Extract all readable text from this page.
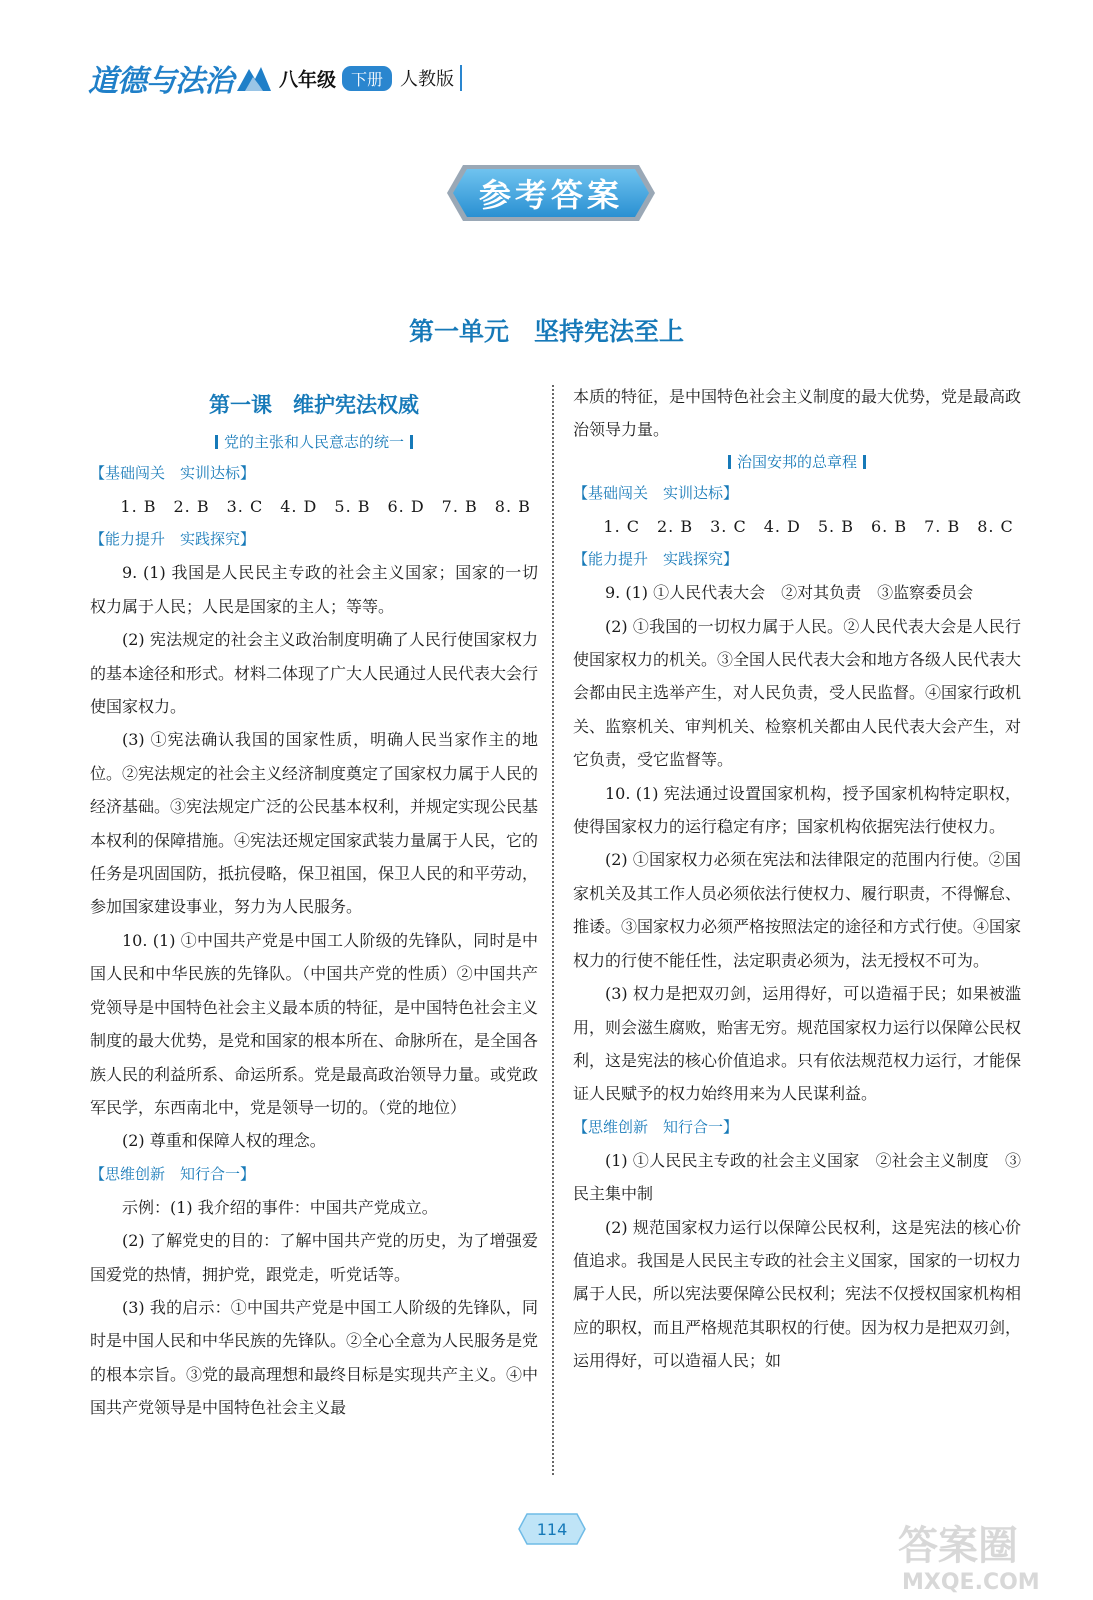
道德与法治 八年级 下册 人教版
参考答案
第一单元　坚持宪法至上
第一课　维护宪法权威
党的主张和人民意志的统一
【基础闯关　实训达标】

1. B　2. B　3. C　4. D　5. B　6. D　7. B　8. B

【能力提升　实践探究】

9. (1) 我国是人民民主专政的社会主义国家；国家的一切权力属于人民；人民是国家的主人；等等。

(2) 宪法规定的社会主义政治制度明确了人民行使国家权力的基本途径和形式。材料二体现了广大人民通过人民代表大会行使国家权力。

(3) ①宪法确认我国的国家性质，明确人民当家作主的地位。②宪法规定的社会主义经济制度奠定了国家权力属于人民的经济基础。③宪法规定广泛的公民基本权利，并规定实现公民基本权利的保障措施。④宪法还规定国家武装力量属于人民，它的任务是巩固国防，抵抗侵略，保卫祖国，保卫人民的和平劳动，参加国家建设事业，努力为人民服务。

10. (1) ①中国共产党是中国工人阶级的先锋队，同时是中国人民和中华民族的先锋队。（中国共产党的性质）②中国共产党领导是中国特色社会主义最本质的特征，是中国特色社会主义制度的最大优势，是党和国家的根本所在、命脉所在，是全国各族人民的利益所系、命运所系。党是最高政治领导力量。或党政军民学，东西南北中，党是领导一切的。（党的地位）

(2) 尊重和保障人权的理念。

【思维创新　知行合一】

示例：(1) 我介绍的事件：中国共产党成立。

(2) 了解党史的目的：了解中国共产党的历史，为了增强爱国爱党的热情，拥护党，跟党走，听党话等。

(3) 我的启示：①中国共产党是中国工人阶级的先锋队，同时是中国人民和中华民族的先锋队。②全心全意为人民服务是党的根本宗旨。③党的最高理想和最终目标是实现共产主义。④中国共产党领导是中国特色社会主义最

本质的特征，是中国特色社会主义制度的最大优势，党是最高政治领导力量。

治国安邦的总章程
【基础闯关　实训达标】

1. C　2. B　3. C　4. D　5. B　6. B　7. B　8. C

【能力提升　实践探究】

9. (1) ①人民代表大会　②对其负责　③监察委员会

(2) ①我国的一切权力属于人民。②人民代表大会是人民行使国家权力的机关。③全国人民代表大会和地方各级人民代表大会都由民主选举产生，对人民负责，受人民监督。④国家行政机关、监察机关、审判机关、检察机关都由人民代表大会产生，对它负责，受它监督等。

10. (1) 宪法通过设置国家机构，授予国家机构特定职权，使得国家权力的运行稳定有序；国家机构依据宪法行使权力。

(2) ①国家权力必须在宪法和法律限定的范围内行使。②国家机关及其工作人员必须依法行使权力、履行职责，不得懈怠、推诿。③国家权力必须严格按照法定的途径和方式行使。④国家权力的行使不能任性，法定职责必须为，法无授权不可为。

(3) 权力是把双刃剑，运用得好，可以造福于民；如果被滥用，则会滋生腐败，贻害无穷。规范国家权力运行以保障公民权利，这是宪法的核心价值追求。只有依法规范权力运行，才能保证人民赋予的权力始终用来为人民谋利益。

【思维创新　知行合一】

(1) ①人民民主专政的社会主义国家　②社会主义制度　③民主集中制

(2) 规范国家权力运行以保障公民权利，这是宪法的核心价值追求。我国是人民民主专政的社会主义国家，国家的一切权力属于人民，所以宪法要保障公民权利；宪法不仅授权国家机构相应的职权，而且严格规范其职权的行使。因为权力是把双刃剑，运用得好，可以造福人民；如

114	答案圈
MXQE.COM
